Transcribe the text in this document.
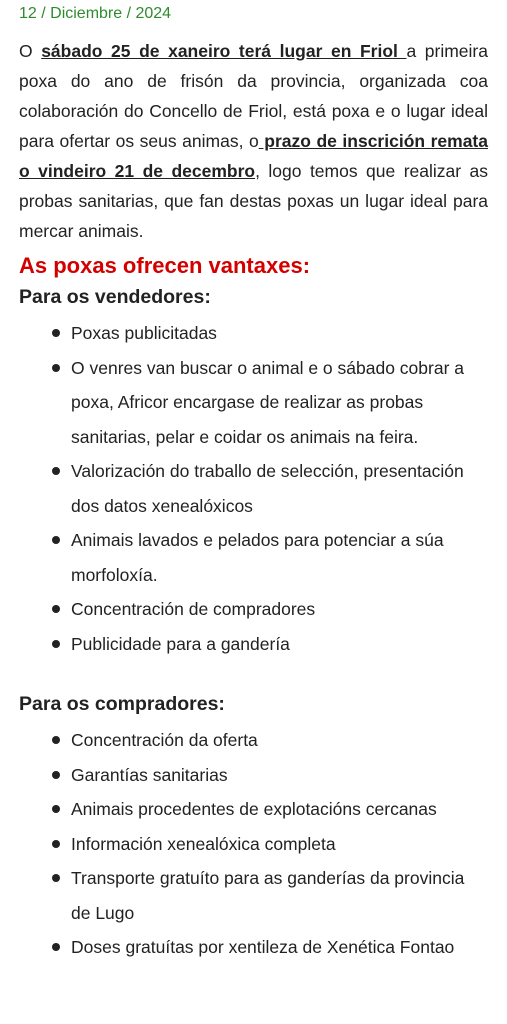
12 / Diciembre / 2024

O sábado 25 de xaneiro terá lugar en Friol a primeira poxa do ano de frisón da provincia, organizada coa colaboración do Concello de Friol, está poxa e o lugar ideal para ofertar os seus animas, o prazo de inscrición remata o vindeiro 21 de decembro, logo temos que realizar as probas sanitarias, que fan destas poxas un lugar ideal para mercar animais.

As poxas ofrecen vantaxes:
Para os vendedores:
Poxas publicitadas
O venres van buscar o animal e o sábado cobrar a poxa, Africor encargase de realizar as probas sanitarias, pelar e coidar os animais na feira.
Valorización do traballo de selección, presentación dos datos xenealóxicos
Animais lavados e pelados para potenciar a súa morfoloxía.
Concentración de compradores
Publicidade para a gandería
Para os compradores:
Concentración da oferta
Garantías sanitarias
Animais procedentes de explotacións cercanas
Información xenealóxica completa
Transporte gratuíto para as ganderías da provincia de Lugo
Doses gratuítas por xentileza de Xenética Fontao
